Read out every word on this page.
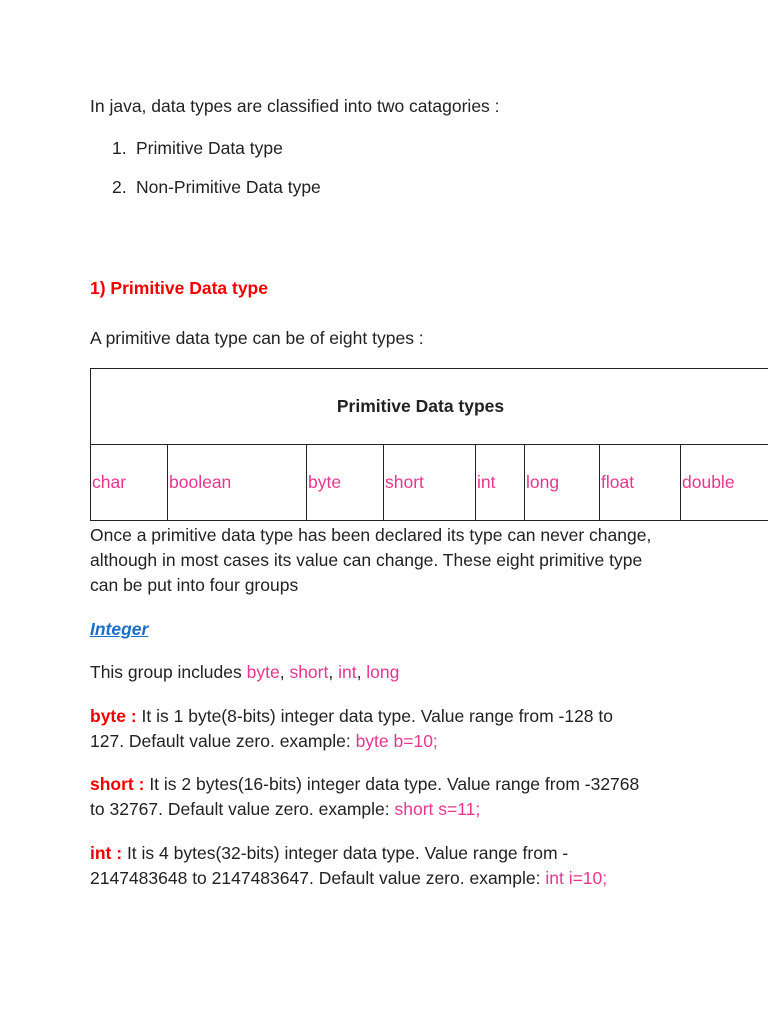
In java, data types are classified into two catagories :

1. Primitive Data type
2. Non-Primitive Data type

1) Primitive Data type

A primitive data type can be of eight types :

Primitive Data types
char	boolean	byte	short	int	long	float	double

Once a primitive data type has been declared its type can never change,

although in most cases its value can change. These eight primitive type

can be put into four groups

Integer

This group includes byte, short, int, long

byte : It is 1 byte(8-bits) integer data type. Value range from -128 to

127. Default value zero. example: byte b=10;

short : It is 2 bytes(16-bits) integer data type. Value range from -32768

to 32767. Default value zero. example: short s=11;

int : It is 4 bytes(32-bits) integer data type. Value range from -

2147483648 to 2147483647. Default value zero. example: int i=10;
